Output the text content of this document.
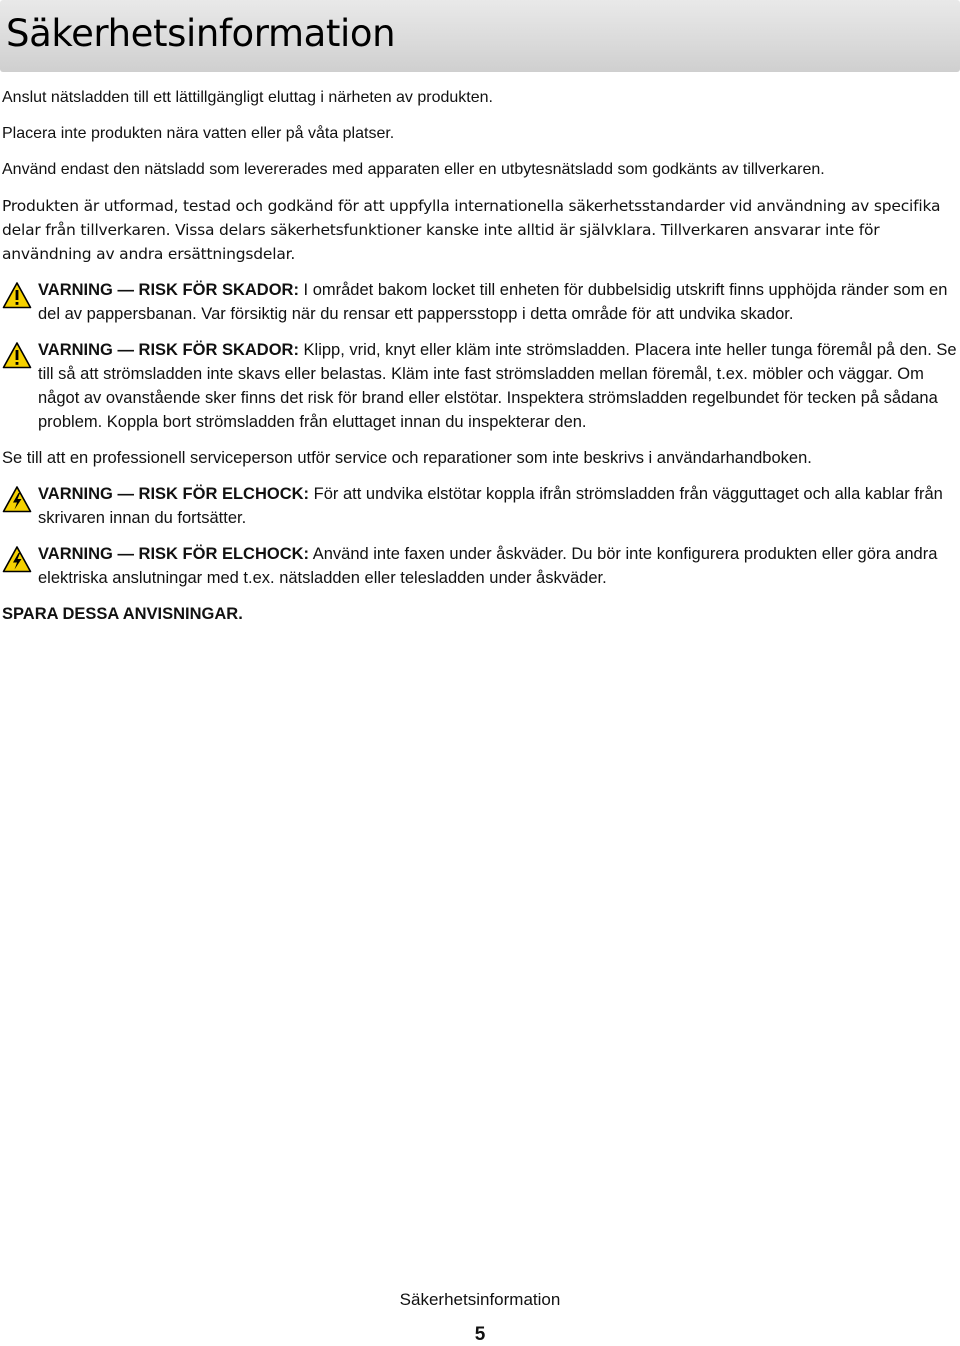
Säkerhetsinformation

Anslut nätsladden till ett lättillgängligt eluttag i närheten av produkten.

Placera inte produkten nära vatten eller på våta platser.

Använd endast den nätsladd som levererades med apparaten eller en utbytesnätsladd som godkänts av tillverkaren.

Produkten är utformad, testad och godkänd för att uppfylla internationella säkerhetsstandarder vid användning av specifika delar från tillverkaren. Vissa delars säkerhetsfunktioner kanske inte alltid är självklara. Tillverkaren ansvarar inte för användning av andra ersättningsdelar.

VARNING — RISK FÖR SKADOR: I området bakom locket till enheten för dubbelsidig utskrift finns upphöjda ränder som en del av pappersbanan. Var försiktig när du rensar ett pappersstopp i detta område för att undvika skador.

VARNING — RISK FÖR SKADOR: Klipp, vrid, knyt eller kläm inte strömsladden. Placera inte heller tunga föremål på den. Se till så att strömsladden inte skavs eller belastas. Kläm inte fast strömsladden mellan föremål, t.ex. möbler och väggar. Om något av ovanstående sker finns det risk för brand eller elstötar. Inspektera strömsladden regelbundet för tecken på sådana problem. Koppla bort strömsladden från eluttaget innan du inspekterar den.

Se till att en professionell serviceperson utför service och reparationer som inte beskrivs i användarhandboken.

VARNING — RISK FÖR ELCHOCK: För att undvika elstötar koppla ifrån strömsladden från vägguttaget och alla kablar från skrivaren innan du fortsätter.

VARNING — RISK FÖR ELCHOCK: Använd inte faxen under åskväder. Du bör inte konfigurera produkten eller göra andra elektriska anslutningar med t.ex. nätsladden eller telesladden under åskväder.

SPARA DESSA ANVISNINGAR.

Säkerhetsinformation
5
